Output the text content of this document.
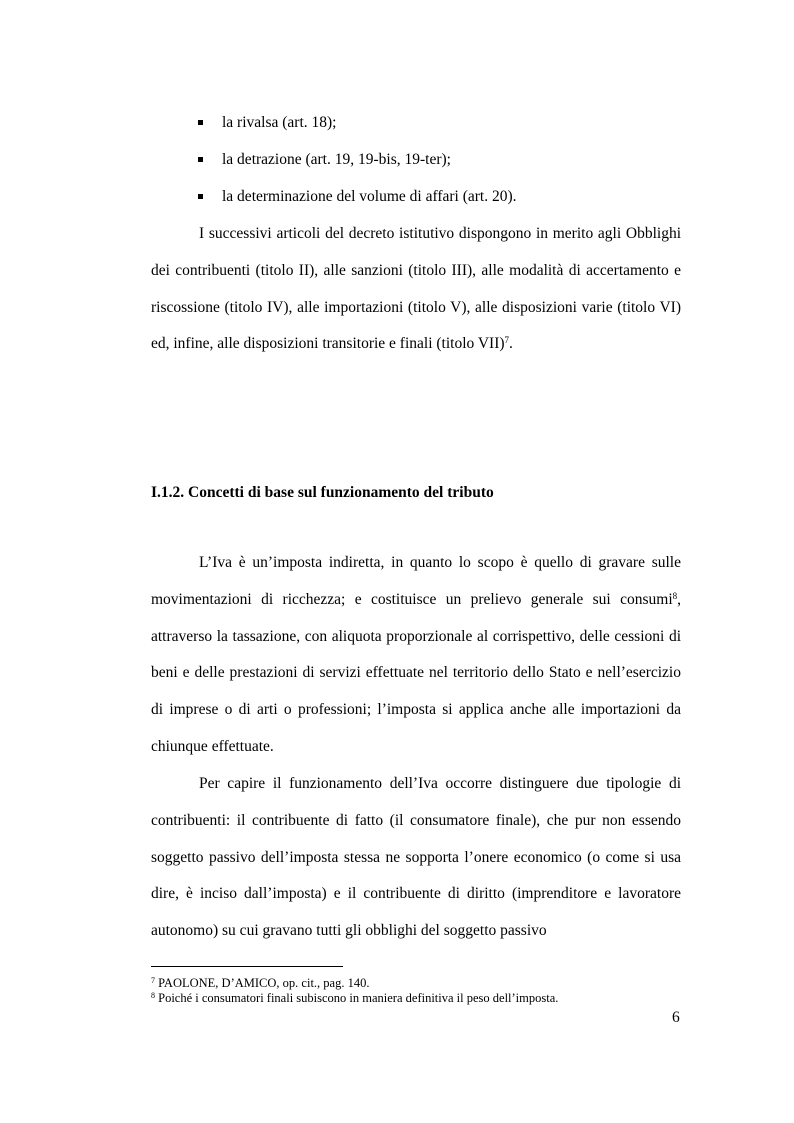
la rivalsa (art. 18);
la detrazione (art. 19, 19-bis, 19-ter);
la determinazione del volume di affari (art. 20).

I successivi articoli del decreto istitutivo dispongono in merito agli Obblighi dei contribuenti (titolo II), alle sanzioni (titolo III), alle modalità di accertamento e riscossione (titolo IV), alle importazioni (titolo V), alle disposizioni varie (titolo VI) ed, infine, alle disposizioni transitorie e finali (titolo VII)$^7$.

I.1.2. Concetti di base sul funzionamento del tributo

L’Iva è un’imposta indiretta, in quanto lo scopo è quello di gravare sulle movimentazioni di ricchezza; e costituisce un prelievo generale sui consumi$^8$, attraverso la tassazione, con aliquota proporzionale al corrispettivo, delle cessioni di beni e delle prestazioni di servizi effettuate nel territorio dello Stato e nell’esercizio di imprese o di arti o professioni; l’imposta si applica anche alle importazioni da chiunque effettuate.

Per capire il funzionamento dell’Iva occorre distinguere due tipologie di contribuenti: il contribuente di fatto (il consumatore finale), che pur non essendo soggetto passivo dell’imposta stessa ne sopporta l’onere economico (o come si usa dire, è inciso dall’imposta) e il contribuente di diritto (imprenditore e lavoratore autonomo) su cui gravano tutti gli obblighi del soggetto passivo

$^7$ PAOLONE, D’AMICO, op. cit., pag. 140.
$^8$ Poiché i consumatori finali subiscono in maniera definitiva il peso dell’imposta.
6
